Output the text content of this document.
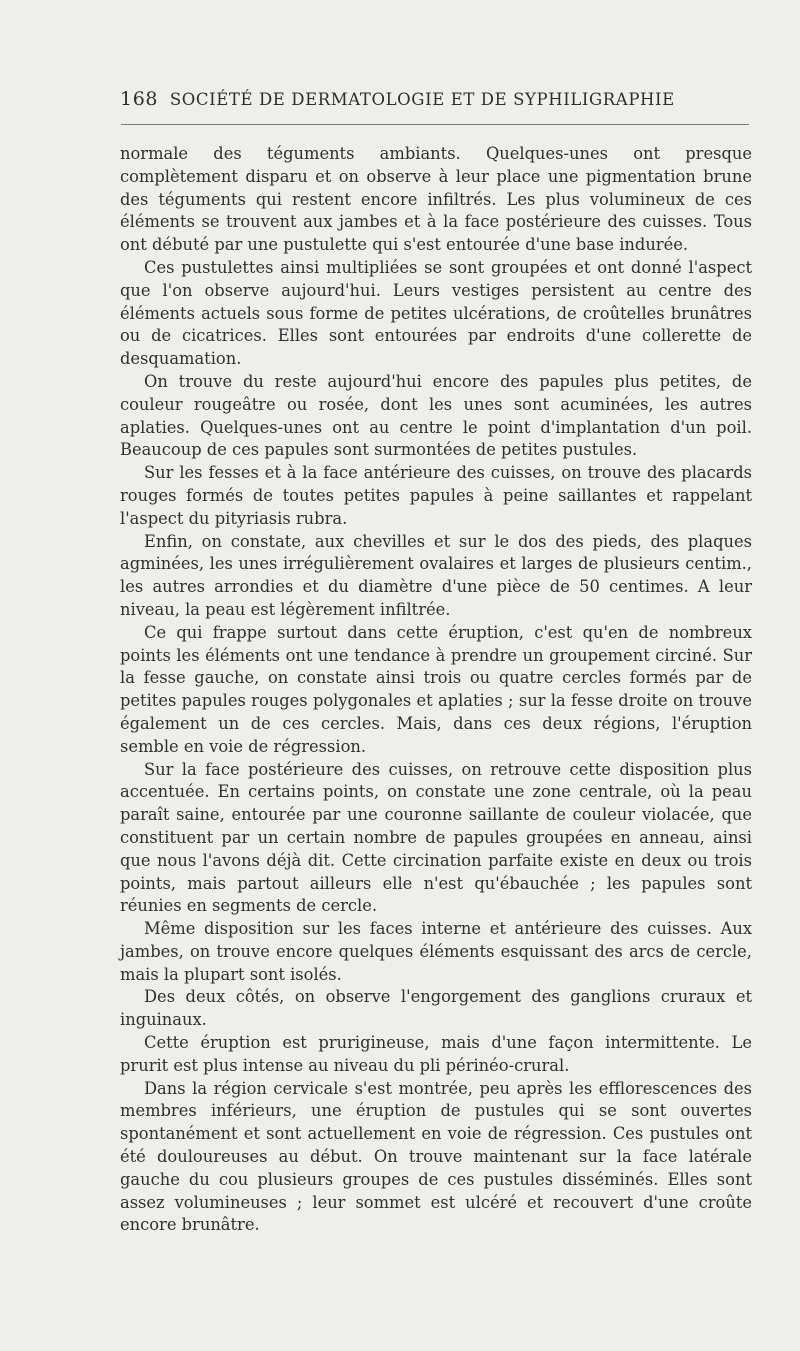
168 SOCIÉTÉ DE DERMATOLOGIE ET DE SYPHILIGRAPHIE

normale des téguments ambiants. Quelques-unes ont presque complètement disparu et on observe à leur place une pigmentation brune des téguments qui restent encore infiltrés. Les plus volumineux de ces éléments se trouvent aux jambes et à la face postérieure des cuisses. Tous ont débuté par une pustulette qui s'est entourée d'une base indurée.

Ces pustulettes ainsi multipliées se sont groupées et ont donné l'aspect que l'on observe aujourd'hui. Leurs vestiges persistent au centre des éléments actuels sous forme de petites ulcérations, de croûtelles brunâtres ou de cicatrices. Elles sont entourées par endroits d'une collerette de desquamation.

On trouve du reste aujourd'hui encore des papules plus petites, de couleur rougeâtre ou rosée, dont les unes sont acuminées, les autres aplaties. Quelques-unes ont au centre le point d'implantation d'un poil. Beaucoup de ces papules sont surmontées de petites pustules.

Sur les fesses et à la face antérieure des cuisses, on trouve des placards rouges formés de toutes petites papules à peine saillantes et rappelant l'aspect du pityriasis rubra.

Enfin, on constate, aux chevilles et sur le dos des pieds, des plaques agminées, les unes irrégulièrement ovalaires et larges de plusieurs centim., les autres arrondies et du diamètre d'une pièce de 50 centimes. A leur niveau, la peau est légèrement infiltrée.

Ce qui frappe surtout dans cette éruption, c'est qu'en de nombreux points les éléments ont une tendance à prendre un groupement circiné. Sur la fesse gauche, on constate ainsi trois ou quatre cercles formés par de petites papules rouges polygonales et aplaties ; sur la fesse droite on trouve également un de ces cercles. Mais, dans ces deux régions, l'éruption semble en voie de régression.

Sur la face postérieure des cuisses, on retrouve cette disposition plus accentuée. En certains points, on constate une zone centrale, où la peau paraît saine, entourée par une couronne saillante de couleur violacée, que constituent par un certain nombre de papules groupées en anneau, ainsi que nous l'avons déjà dit. Cette circination parfaite existe en deux ou trois points, mais partout ailleurs elle n'est qu'ébauchée ; les papules sont réunies en segments de cercle.

Même disposition sur les faces interne et antérieure des cuisses. Aux jambes, on trouve encore quelques éléments esquissant des arcs de cercle, mais la plupart sont isolés.

Des deux côtés, on observe l'engorgement des ganglions cruraux et inguinaux.

Cette éruption est prurigineuse, mais d'une façon intermittente. Le prurit est plus intense au niveau du pli périnéo-crural.

Dans la région cervicale s'est montrée, peu après les efflorescences des membres inférieurs, une éruption de pustules qui se sont ouvertes spontanément et sont actuellement en voie de régression. Ces pustules ont été douloureuses au début. On trouve maintenant sur la face latérale gauche du cou plusieurs groupes de ces pustules disséminés. Elles sont assez volumineuses ; leur sommet est ulcéré et recouvert d'une croûte encore brunâtre.
